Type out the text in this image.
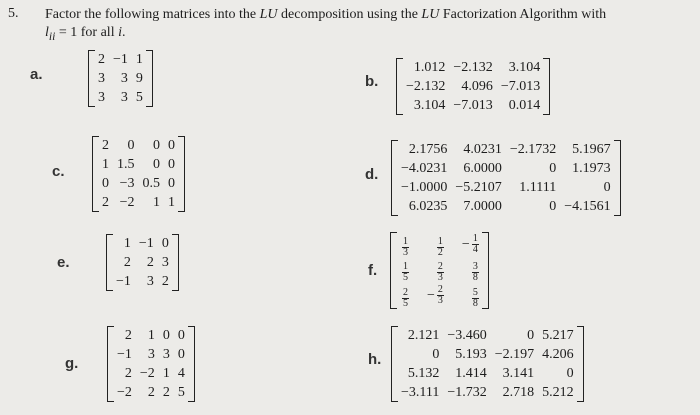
5. Factor the following matrices into the LU decomposition using the LU Factorization Algorithm with
$l_{ii} = 1$ for all i.
a.	b.
c.	d.
e.	f.
g.	h.
2	−1	1
3	3	9
3	3	5
1.012	−2.132	3.104
−2.132	4.096	−7.013
3.104	−7.013	0.014
2	0	0	0
1	1.5	0	0
0	−3	0.5	0
2	−2	1	1
2.1756	4.0231	−2.1732	5.1967
−4.0231	6.0000	0	1.1973
−1.0000	−5.2107	1.1111	0
6.0235	7.0000	0	−4.1561
1	−1	0
2	2	3
−1	3	2
$\frac{1}{3}$	$\frac{1}{2}$	− $\frac{1}{4}$

$\frac{1}{5}$	$\frac{2}{3}$	$\frac{3}{8}$

$\frac{2}{5}$	− $\frac{2}{3}$	$\frac{5}{8}$
2	1	0	0
−1	3	3	0
2	−2	1	4
−2	2	2	5
2.121	−3.460	0	5.217
0	5.193	−2.197	4.206
5.132	1.414	3.141	0
−3.111	−1.732	2.718	5.212
